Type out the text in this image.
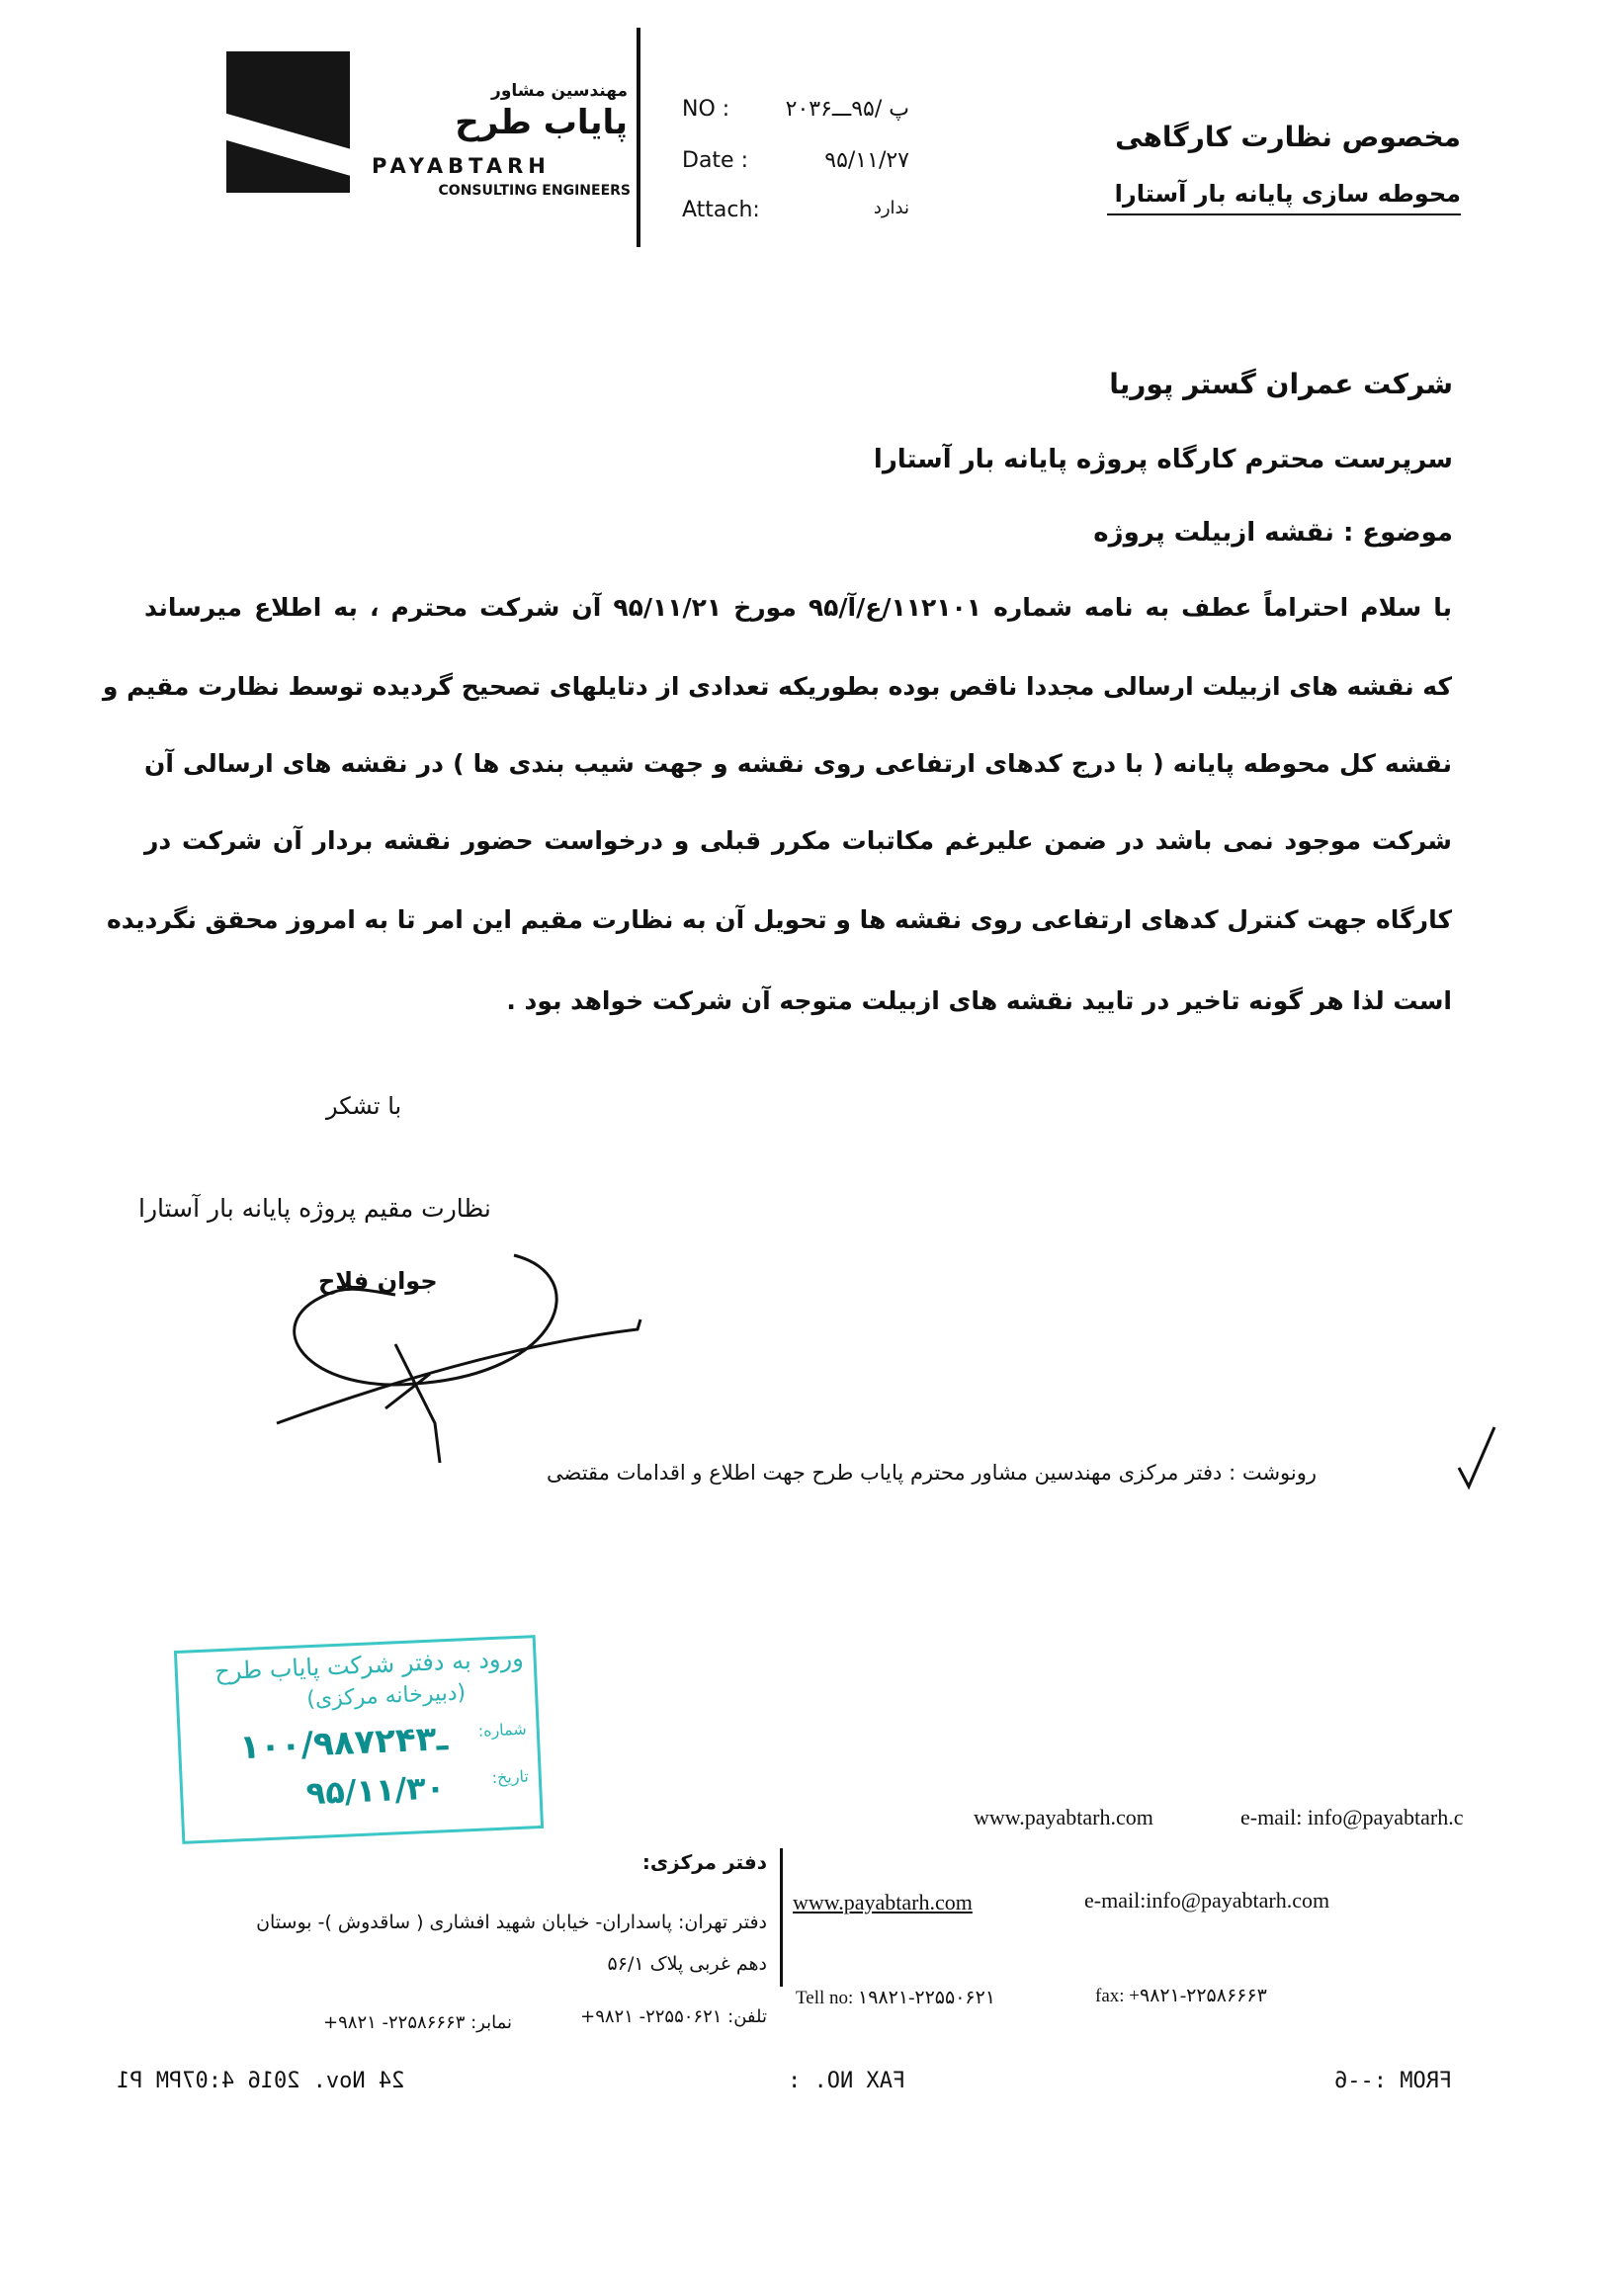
مهندسین مشاور
پایاب طرح
PAYABTARH
CONSULTING ENGINEERS
NO :	پ /۹۵ـــ۲۰۳۶
Date :	۹۵/۱۱/۲۷
Attach:	ندارد
مخصوص نظارت کارگاهی
محوطه سازی پایانه بار آستارا
شرکت عمران گستر پوریا
سرپرست محترم کارگاه پروژه پایانه بار آستارا
موضوع : نقشه ازبیلت پروژه
با سلام احتراماً عطف به نامه شماره ۱۱۲۱۰۱/ع/آ/۹۵ مورخ ۹۵/۱۱/۲۱ آن شرکت محترم ، به اطلاع میرساند
که نقشه های ازبیلت ارسالی مجددا ناقص بوده بطوریکه تعدادی از دتایلهای تصحیح گردیده توسط نظارت مقیم و
نقشه کل محوطه پایانه ( با درج کدهای ارتفاعی روی نقشه و جهت شیب بندی ها ) در نقشه های ارسالی آن
شرکت موجود نمی باشد در ضمن علیرغم مکاتبات مکرر قبلی و درخواست حضور نقشه بردار آن شرکت در
کارگاه جهت کنترل کدهای ارتفاعی روی نقشه ها و تحویل آن به نظارت مقیم این امر تا به امروز محقق نگردیده
است لذا هر گونه تاخیر در تایید نقشه های ازبیلت متوجه آن شرکت خواهد بود .
با تشکر
نظارت مقیم پروژه پایانه بار آستارا
جوان فلاح
رونوشت : دفتر مرکزی مهندسین مشاور محترم پایاب طرح جهت اطلاع و اقدامات مقتضی
ورود به دفتر شرکت پایاب طرح
(دبیرخانه مرکزی)
شماره:
۱۰۰/۹۸ـ۷۲۴۳
تاریخ:
۹۵/۱۱/۳۰
www.payabtarh.com	e-mail: info@payabtarh.c
دفتر مرکزی:
دفتر تهران: پاسداران- خیابان شهید افشاری ( ساقدوش )- بوستان
دهم غربی پلاک ۵۶/۱
تلفن: ۲۲۵۵۰۶۲۱- ۹۸۲۱+
نمابر: ۲۲۵۸۶۶۶۳- ۹۸۲۱+
www.payabtarh.com	e-mail:info@payabtarh.com
Tell no: ۱۹۸۲۱-۲۲۵۵۰۶۲۱	fax: +۹۸۲۱-۲۲۵۸۶۶۶۳
24 Nov. 2016 4:07PM P1	FAX NO. :	FROM :--6
